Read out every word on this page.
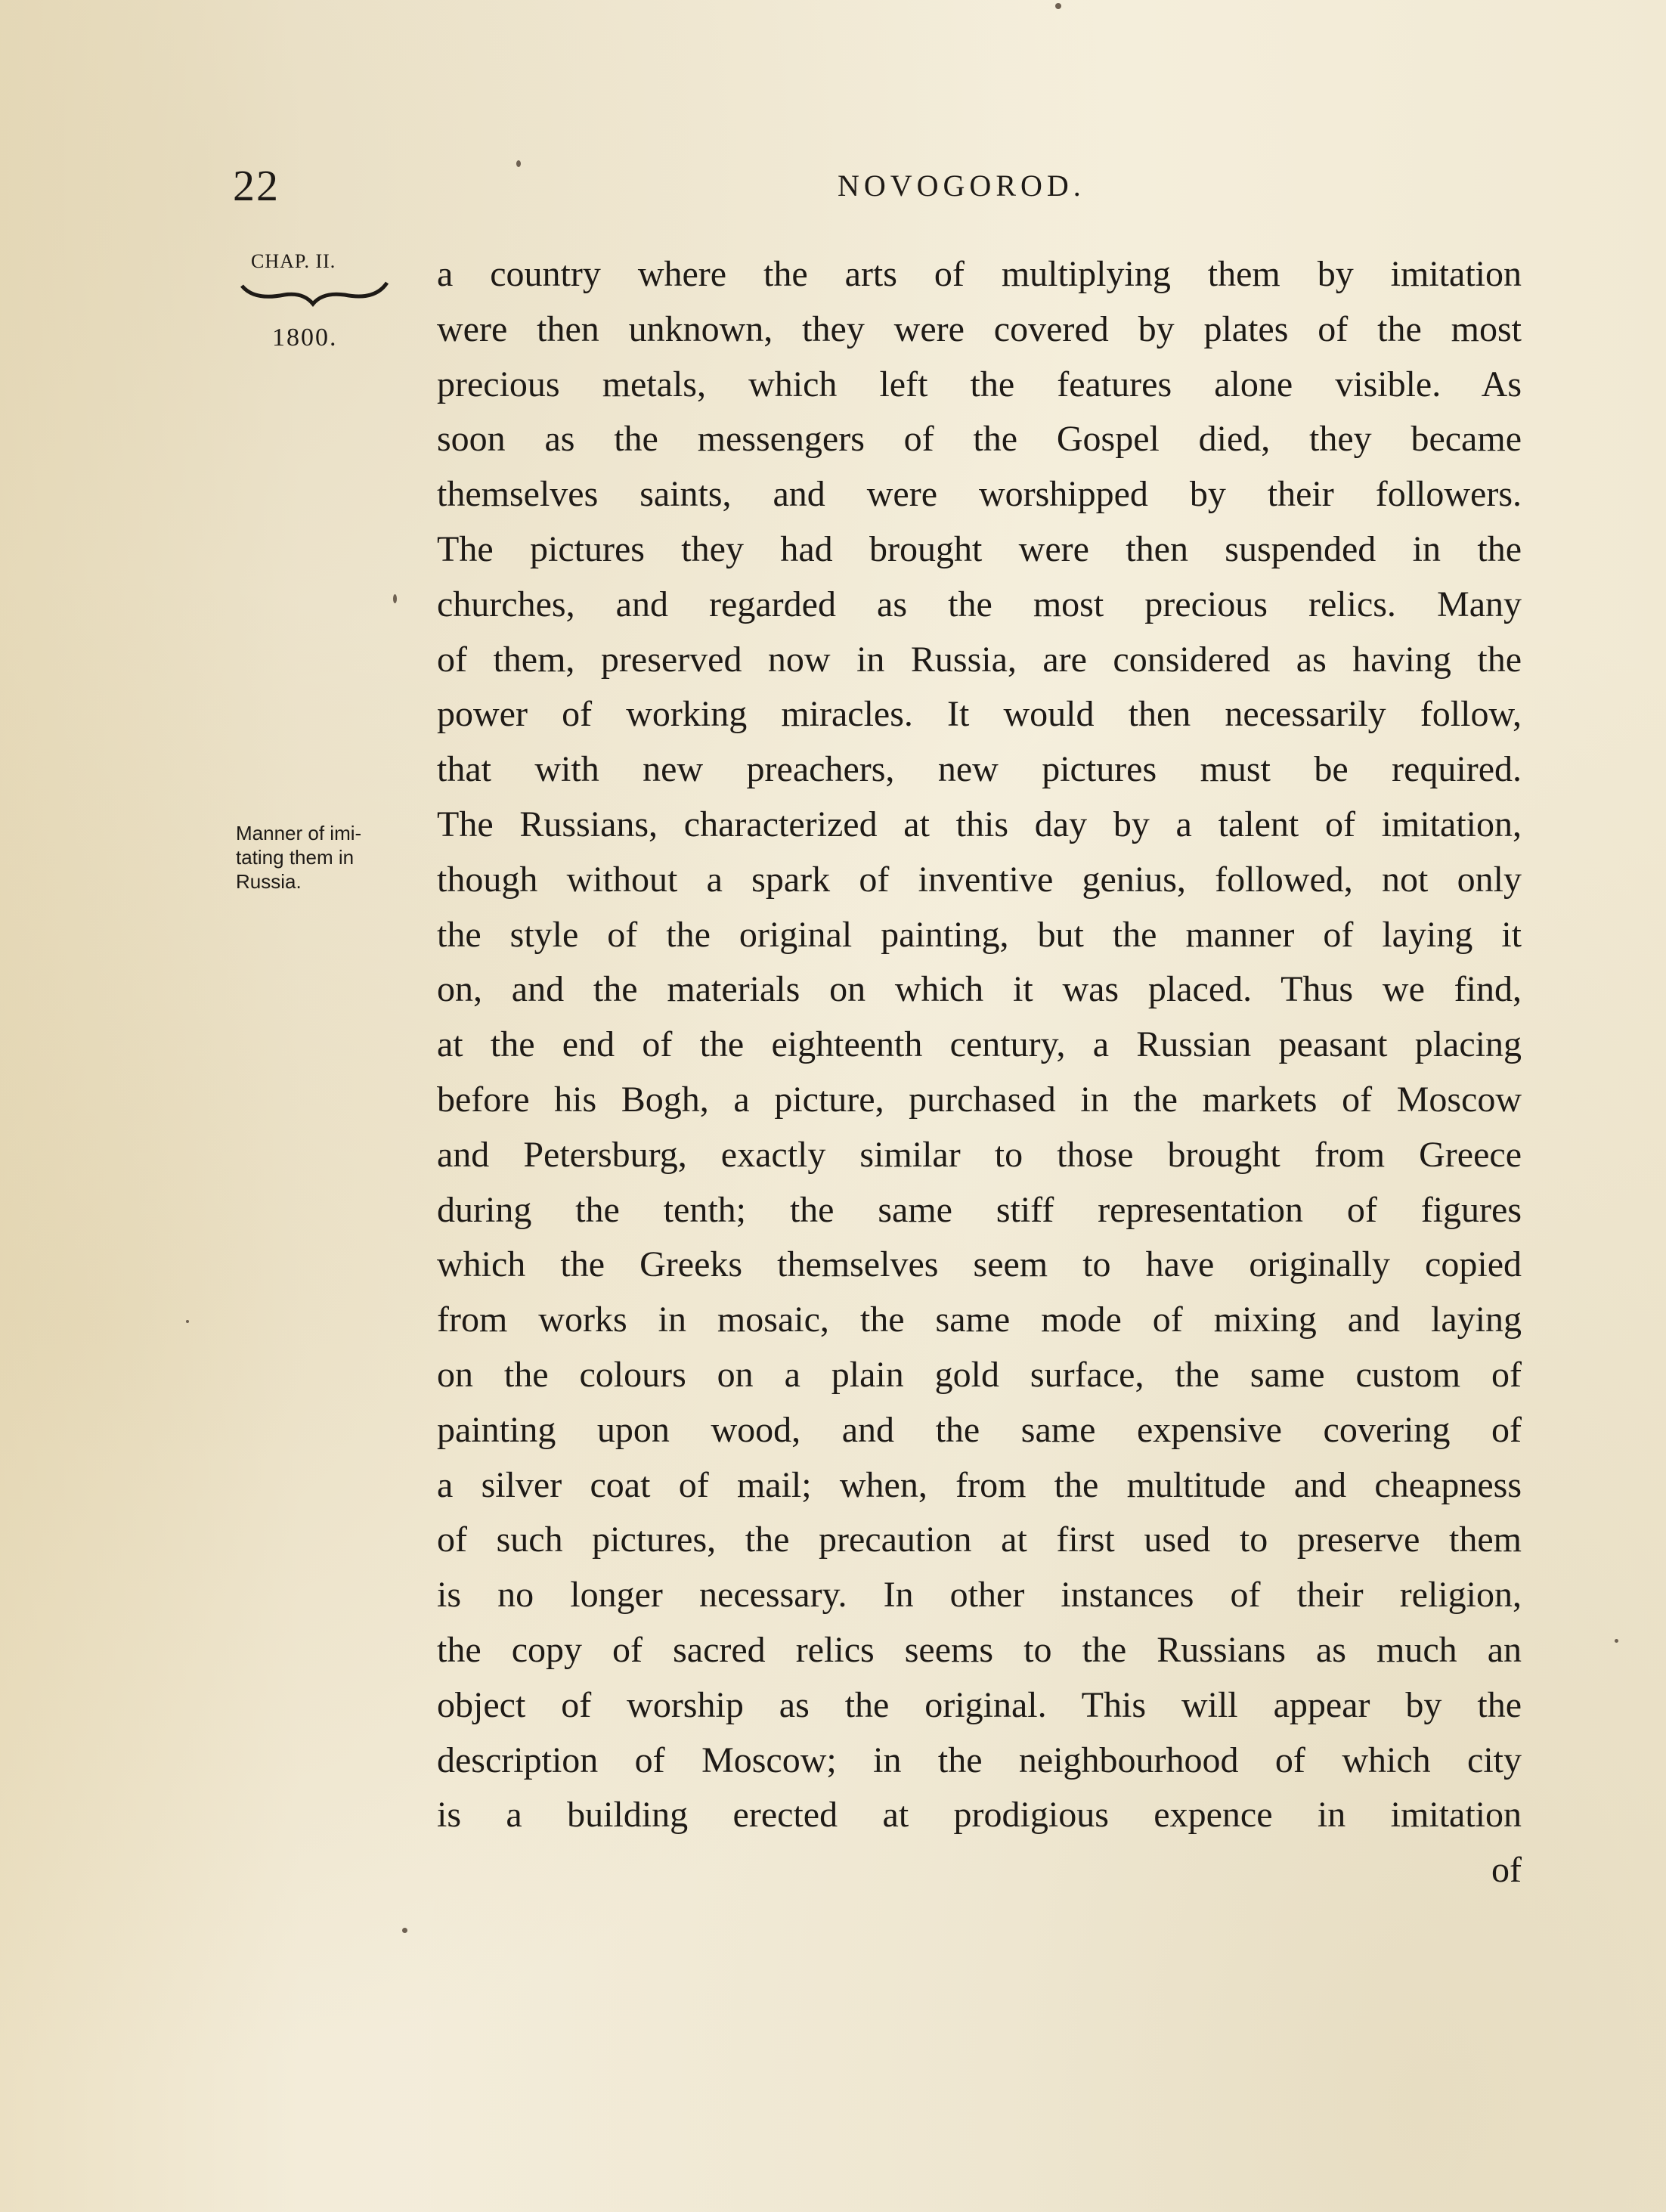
22	NOVOGOROD.
CHAP. II.
1800.
Manner of imi-
tating them in
Russia.
a country where the arts of multiplying them by imitation
were then unknown, they were covered by plates of the most
precious metals, which left the features alone visible. As
soon as the messengers of the Gospel died, they became
themselves saints, and were worshipped by their followers.
The pictures they had brought were then suspended in the
churches, and regarded as the most precious relics. Many
of them, preserved now in Russia, are considered as having the
power of working miracles. It would then necessarily follow,
that with new preachers, new pictures must be required.
The Russians, characterized at this day by a talent of imitation,
though without a spark of inventive genius, followed, not only
the style of the original painting, but the manner of laying it
on, and the materials on which it was placed. Thus we find,
at the end of the eighteenth century, a Russian peasant placing
before his Bogh, a picture, purchased in the markets of Moscow
and Petersburg, exactly similar to those brought from Greece
during the tenth; the same stiff representation of figures
which the Greeks themselves seem to have originally copied
from works in mosaic, the same mode of mixing and laying
on the colours on a plain gold surface, the same custom of
painting upon wood, and the same expensive covering of
a silver coat of mail; when, from the multitude and cheapness
of such pictures, the precaution at first used to preserve them
is no longer necessary. In other instances of their religion,
the copy of sacred relics seems to the Russians as much an
object of worship as the original. This will appear by the
description of Moscow; in the neighbourhood of which city
is a building erected at prodigious expence in imitation
of
